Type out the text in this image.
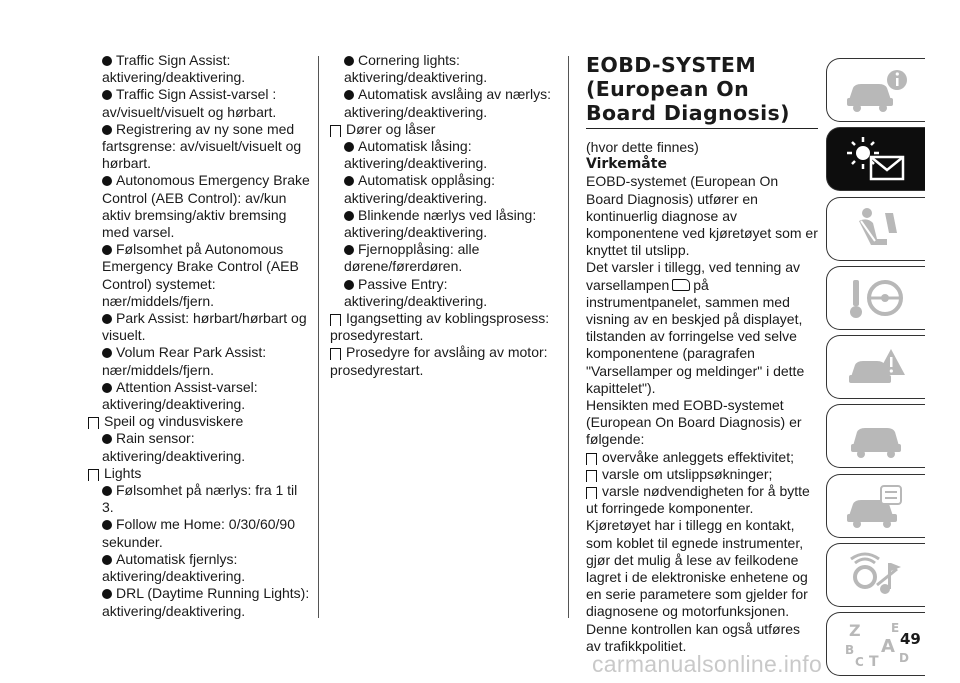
Traffic Sign Assist: aktivering/deaktivering.

Traffic Sign Assist-varsel : av/visuelt/visuelt og hørbart.

Registrering av ny sone med fartsgrense: av/visuelt/visuelt og hørbart.

Autonomous Emergency Brake Control (AEB Control): av/kun aktiv bremsing/aktiv bremsing med varsel.

Følsomhet på Autonomous Emergency Brake Control (AEB Control) systemet: nær/middels/fjern.

Park Assist: hørbart/hørbart og visuelt.

Volum Rear Park Assist: nær/middels/fjern.

Attention Assist-varsel: aktivering/deaktivering.

Speil og vindusviskere

Rain sensor: aktivering/deaktivering.

Lights

Følsomhet på nærlys: fra 1 til 3.

Follow me Home: 0/30/60/90 sekunder.

Automatisk fjernlys: aktivering/deaktivering.

DRL (Daytime Running Lights): aktivering/deaktivering.

Cornering lights: aktivering/deaktivering.

Automatisk avslåing av nærlys: aktivering/deaktivering.

Dører og låser

Automatisk låsing: aktivering/deaktivering.

Automatisk opplåsing: aktivering/deaktivering.

Blinkende nærlys ved låsing: aktivering/deaktivering.

Fjernopplåsing: alle dørene/førerdøren.

Passive Entry: aktivering/deaktivering.

Igangsetting av koblingsprosess: prosedyrestart.

Prosedyre for avslåing av motor: prosedyrestart.

EOBD-SYSTEM

(European On

Board Diagnosis)

(hvor dette finnes)

Virkemåte

EOBD-systemet (European On Board Diagnosis) utfører en kontinuerlig diagnose av komponentene ved kjøretøyet som er knyttet til utslipp.

Det varsler i tillegg, ved tenning av varsellampen på instrumentpanelet, sammen med visning av en beskjed på displayet, tilstanden av forringelse ved selve komponentene (paragrafen "Varsellamper og meldinger" i dette kapittelet").

Hensikten med EOBD-systemet (European On Board Diagnosis) er følgende:

overvåke anleggets effektivitet;

varsle om utslippsøkninger;

varsle nødvendigheten for å bytte ut forringede komponenter.

Kjøretøyet har i tillegg en kontakt, som koblet til egnede instrumenter, gjør det mulig å lese av feilkodene lagret i de elektroniske enhetene og en serie parametere som gjelder for diagnosene og motorfunksjonen.

Denne kontrollen kan også utføres av trafikkpolitiet.

Z	E
B A
C T D
49
carmanualsonline.info
